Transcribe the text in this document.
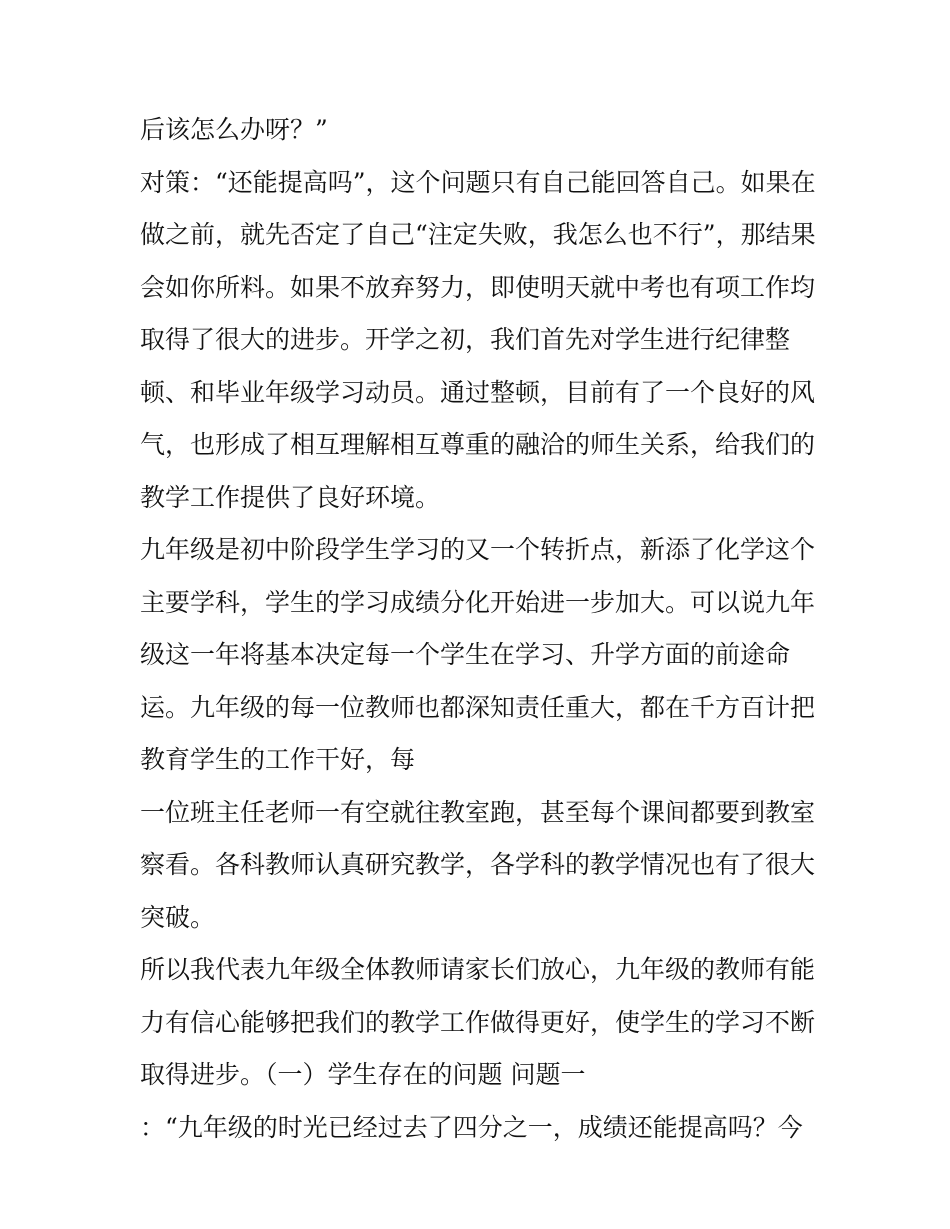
后该怎么办呀？”
对策：“还能提高吗”，这个问题只有自己能回答自己。如果在
做之前，就先否定了自己“注定失败，我怎么也不行”，那结果
会如你所料。如果不放弃努力，即使明天就中考也有项工作均
取得了很大的进步。开学之初，我们首先对学生进行纪律整
顿、和毕业年级学习动员。通过整顿，目前有了一个良好的风
气，也形成了相互理解相互尊重的融洽的师生关系，给我们的
教学工作提供了良好环境。
九年级是初中阶段学生学习的又一个转折点，新添了化学这个
主要学科，学生的学习成绩分化开始进一步加大。可以说九年
级这一年将基本决定每一个学生在学习、升学方面的前途命
运。九年级的每一位教师也都深知责任重大，都在千方百计把
教育学生的工作干好，每
一位班主任老师一有空就往教室跑，甚至每个课间都要到教室
察看。各科教师认真研究教学，各学科的教学情况也有了很大
突破。
所以我代表九年级全体教师请家长们放心，九年级的教师有能
力有信心能够把我们的教学工作做得更好，使学生的学习不断
取得进步。（一）学生存在的问题 问题一
：“九年级的时光已经过去了四分之一，成绩还能提高吗？今
